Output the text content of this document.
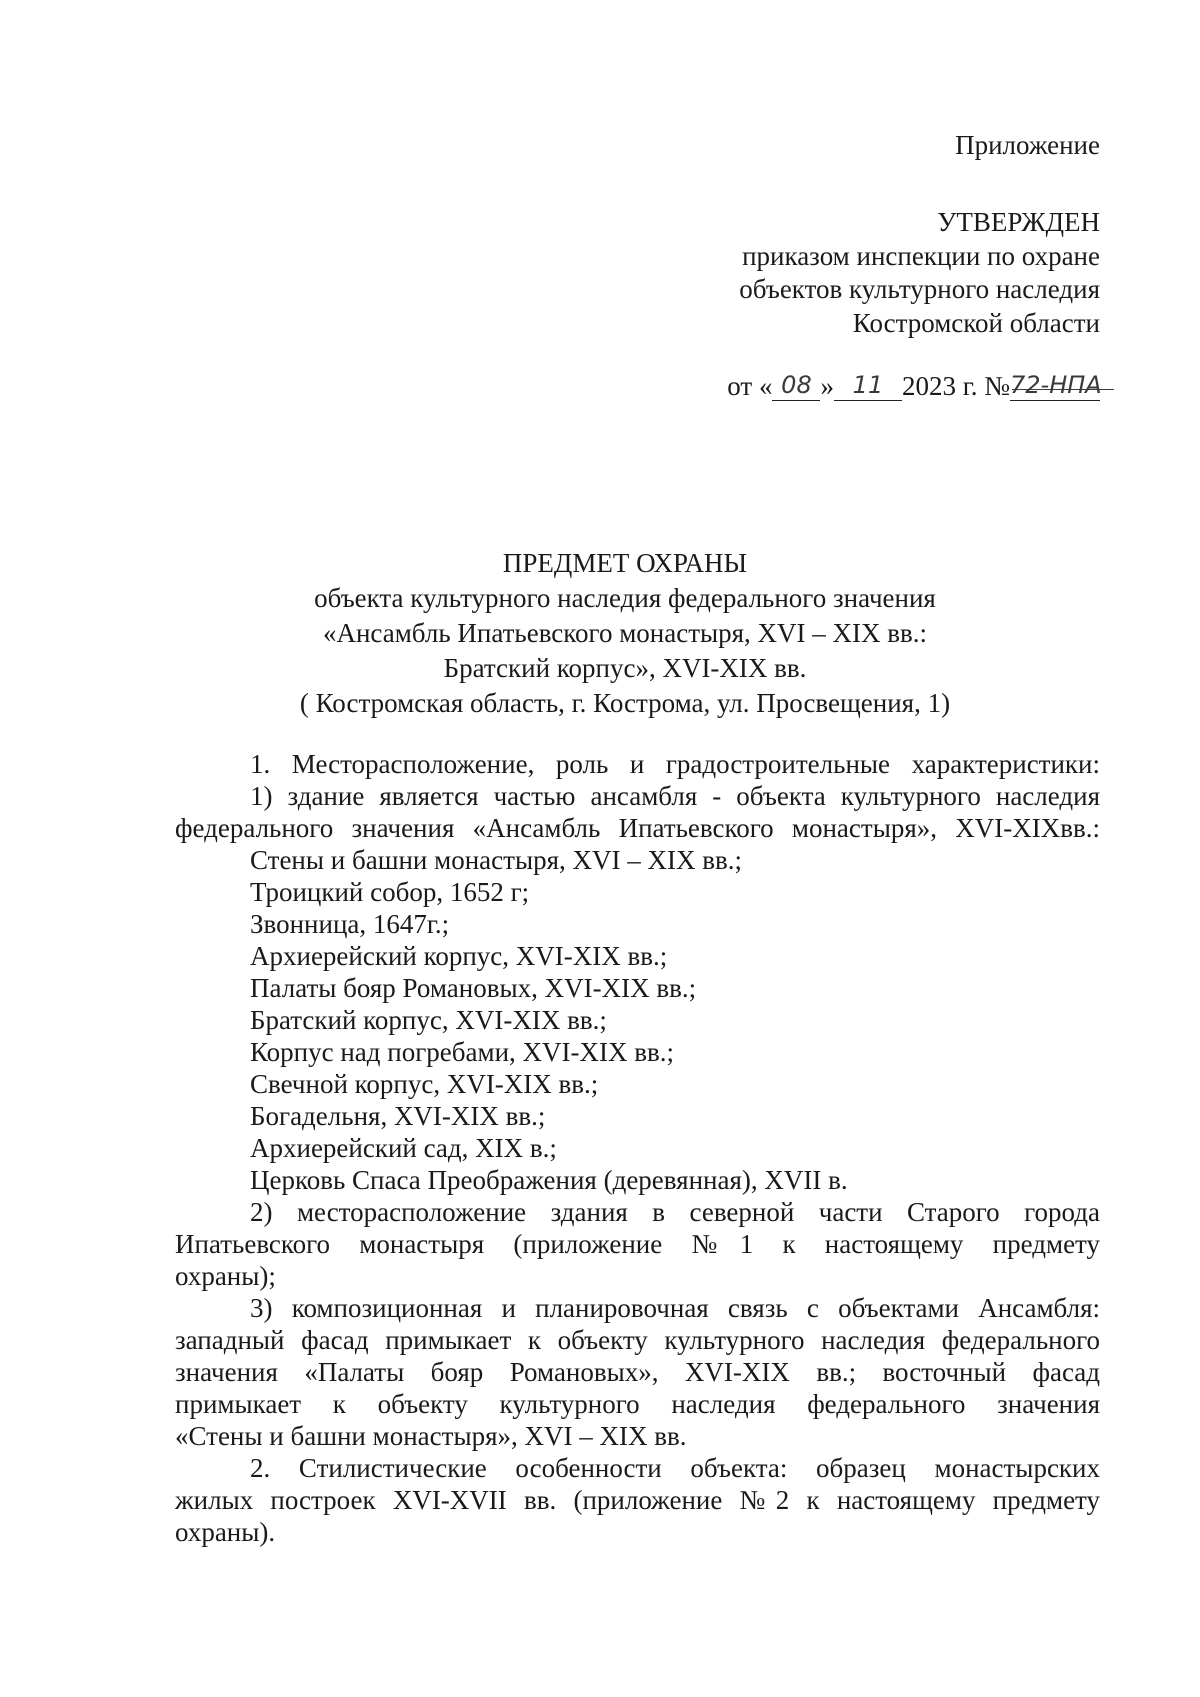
Приложение
УТВЕРЖДЕН
приказом инспекции по охране
объектов культурного наследия
Костромской области
от « 08 » 11 2023 г. №72-НПА
ПРЕДМЕТ ОХРАНЫ
объекта культурного наследия федерального значения
«Ансамбль Ипатьевского монастыря, XVI – XIX вв.:
Братский корпус», XVI-XIX вв.
( Костромская область, г. Кострома, ул. Просвещения, 1)
1. Месторасположение, роль и градостроительные характеристики:
1) здание является частью ансамбля - объекта культурного наследия
федерального значения «Ансамбль Ипатьевского монастыря», XVI-XIXвв.:
Стены и башни монастыря, XVI – XIX вв.;
Троицкий собор, 1652 г;
Звонница, 1647г.;
Архиерейский корпус, XVI-XIX вв.;
Палаты бояр Романовых, XVI-XIX вв.;
Братский корпус, XVI-XIX вв.;
Корпус над погребами, XVI-XIX вв.;
Свечной корпус, XVI-XIX вв.;
Богадельня, XVI-XIX вв.;
Архиерейский сад, XIX в.;
Церковь Спаса Преображения (деревянная), XVII в.
2) месторасположение здания в северной части Старого города
Ипатьевского монастыря (приложение №1 к настоящему предмету
охраны);
3) композиционная и планировочная связь с объектами Ансамбля:
западный фасад примыкает к объекту культурного наследия федерального
значения «Палаты бояр Романовых», XVI-XIX вв.; восточный фасад
примыкает к объекту культурного наследия федерального значения
«Стены и башни монастыря», XVI – XIX вв.
2. Стилистические особенности объекта: образец монастырских
жилых построек XVI-XVII вв. (приложение №2 к настоящему предмету
охраны).
